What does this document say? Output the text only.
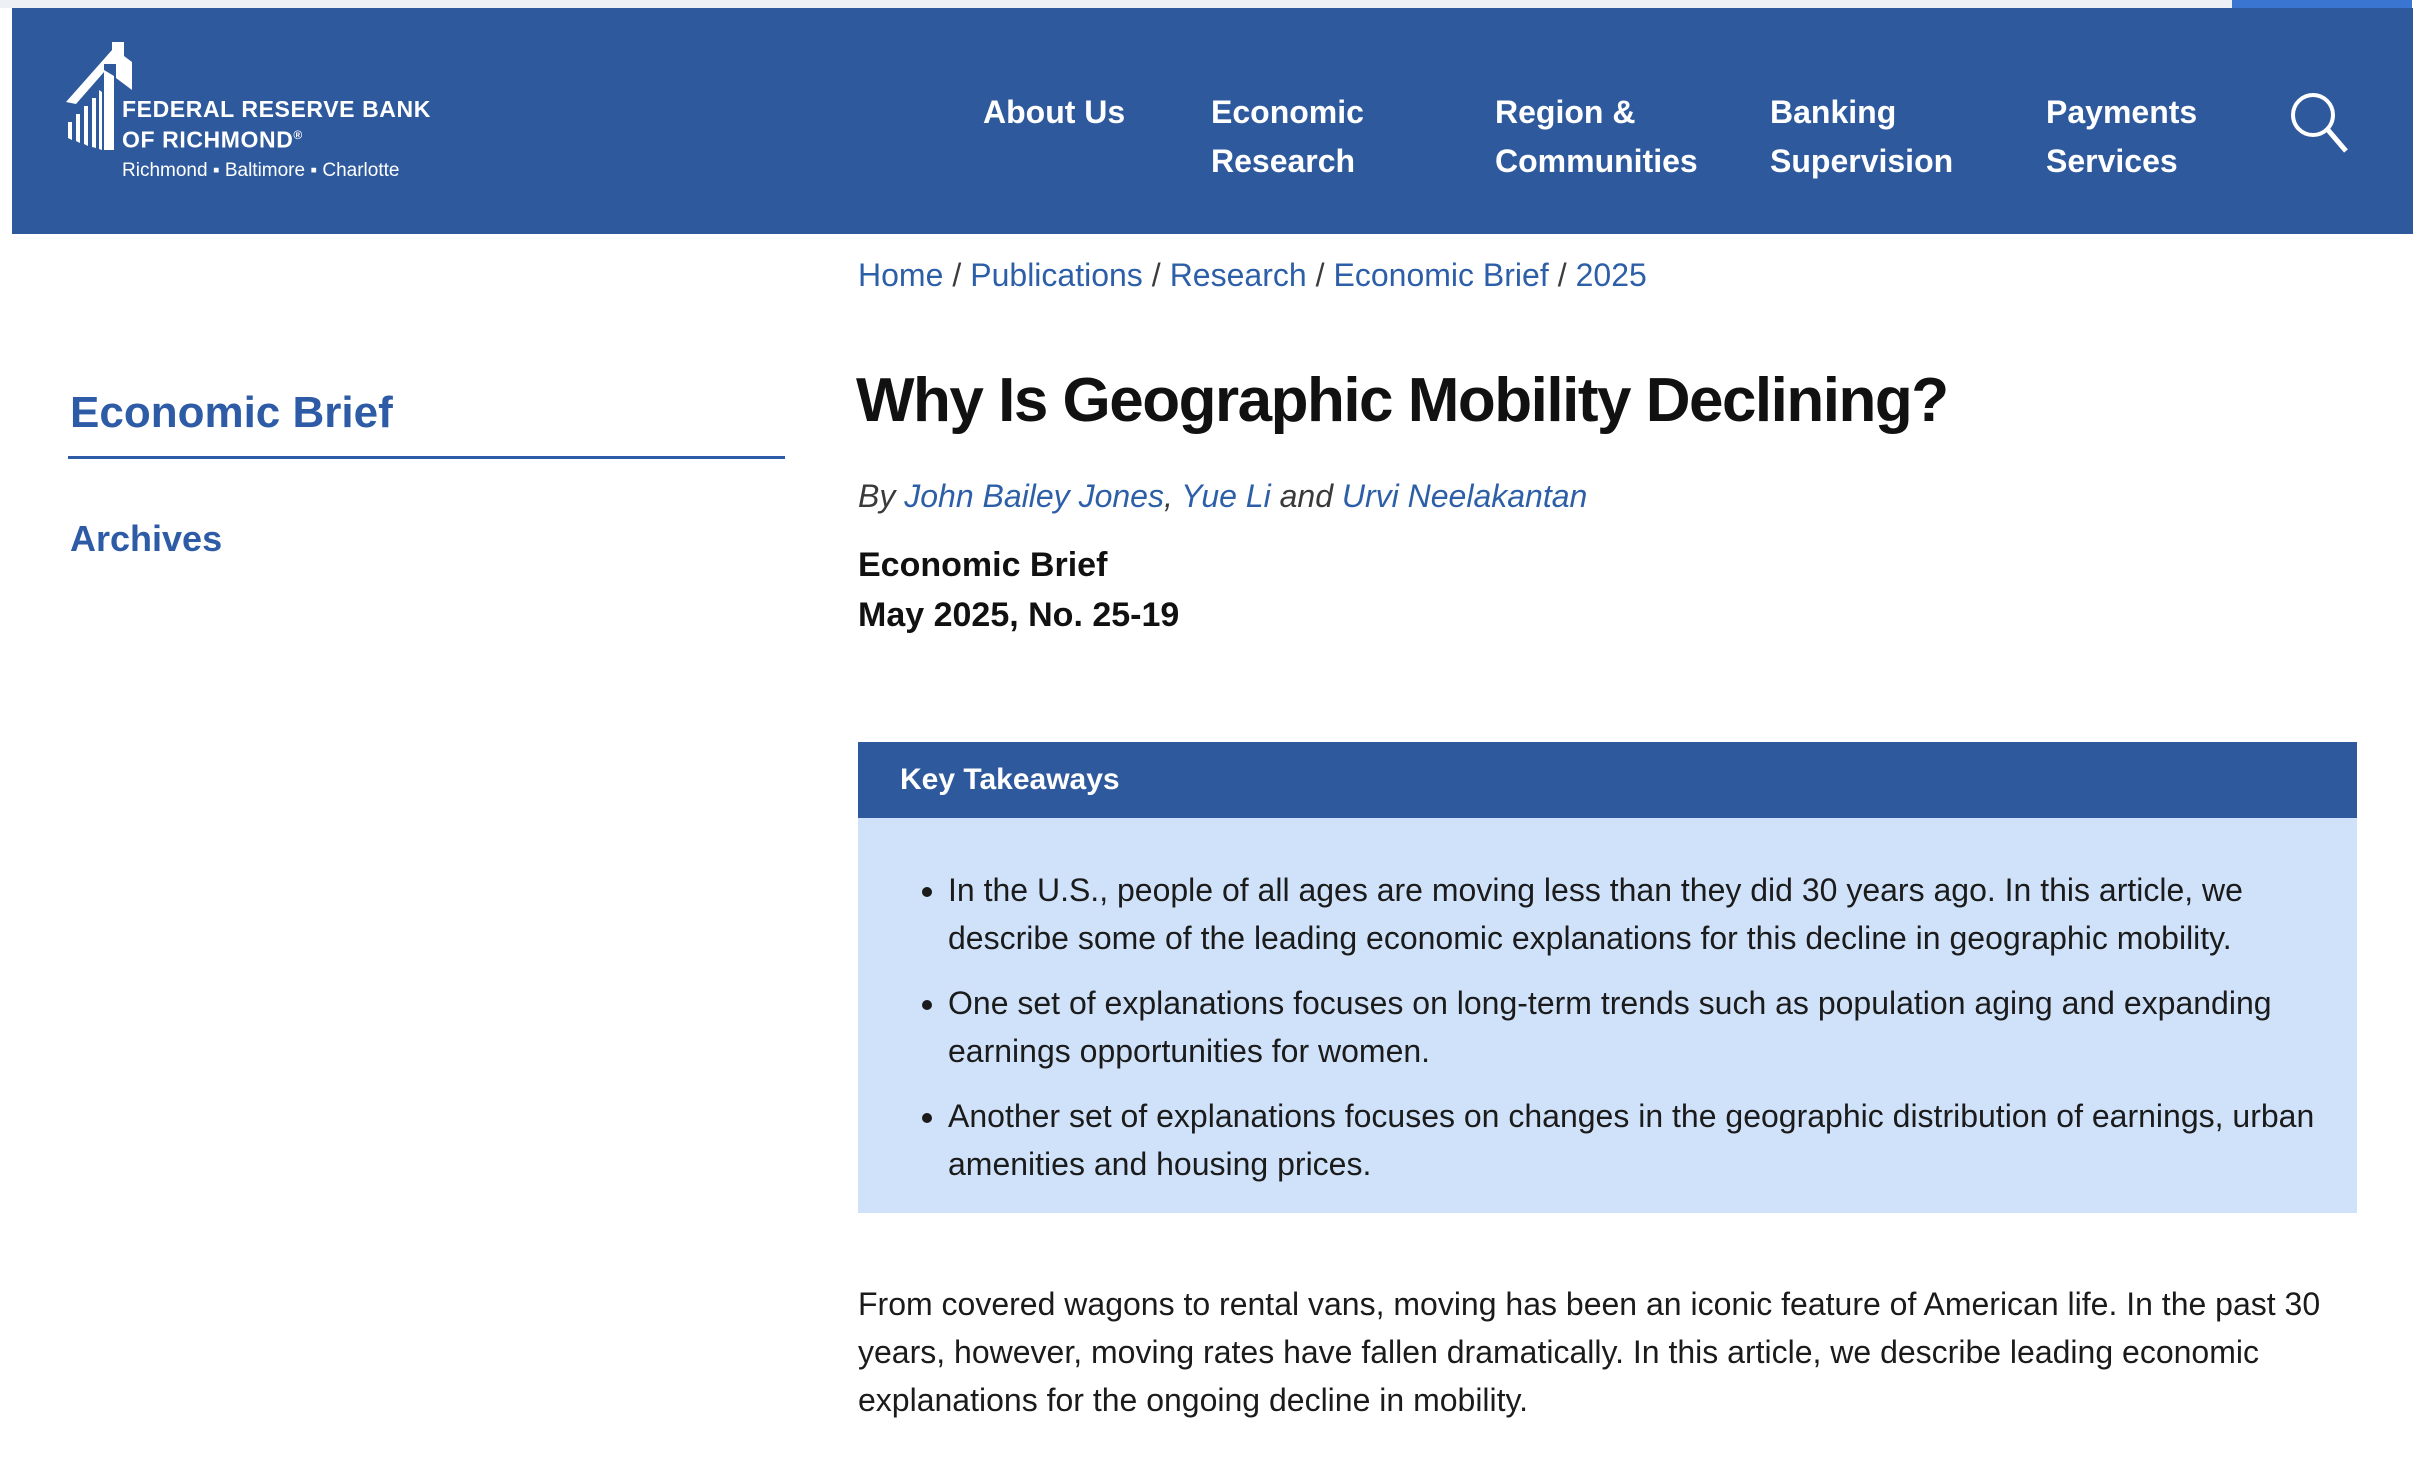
FEDERAL RESERVE BANK
OF RICHMOND®
Richmond ▪ Baltimore ▪ Charlotte
About Us	Economic
Research
Region &
Communities
Banking
Supervision
Payments
Services
Home / Publications / Research / Economic Brief / 2025
Economic Brief
Archives
Why Is Geographic Mobility Declining?
By John Bailey Jones, Yue Li and Urvi Neelakantan
Economic Brief
May 2025, No. 25-19
Key Takeaways
• In the U.S., people of all ages are moving less than they did 30 years ago. In this article, we describe some of the leading economic explanations for this decline in geographic mobility.
• One set of explanations focuses on long-term trends such as population aging and expanding earnings opportunities for women.
• Another set of explanations focuses on changes in the geographic distribution of earnings, urban amenities and housing prices.

From covered wagons to rental vans, moving has been an iconic feature of American life. In the past 30 years, however, moving rates have fallen dramatically. In this article, we describe leading economic explanations for the ongoing decline in mobility.
